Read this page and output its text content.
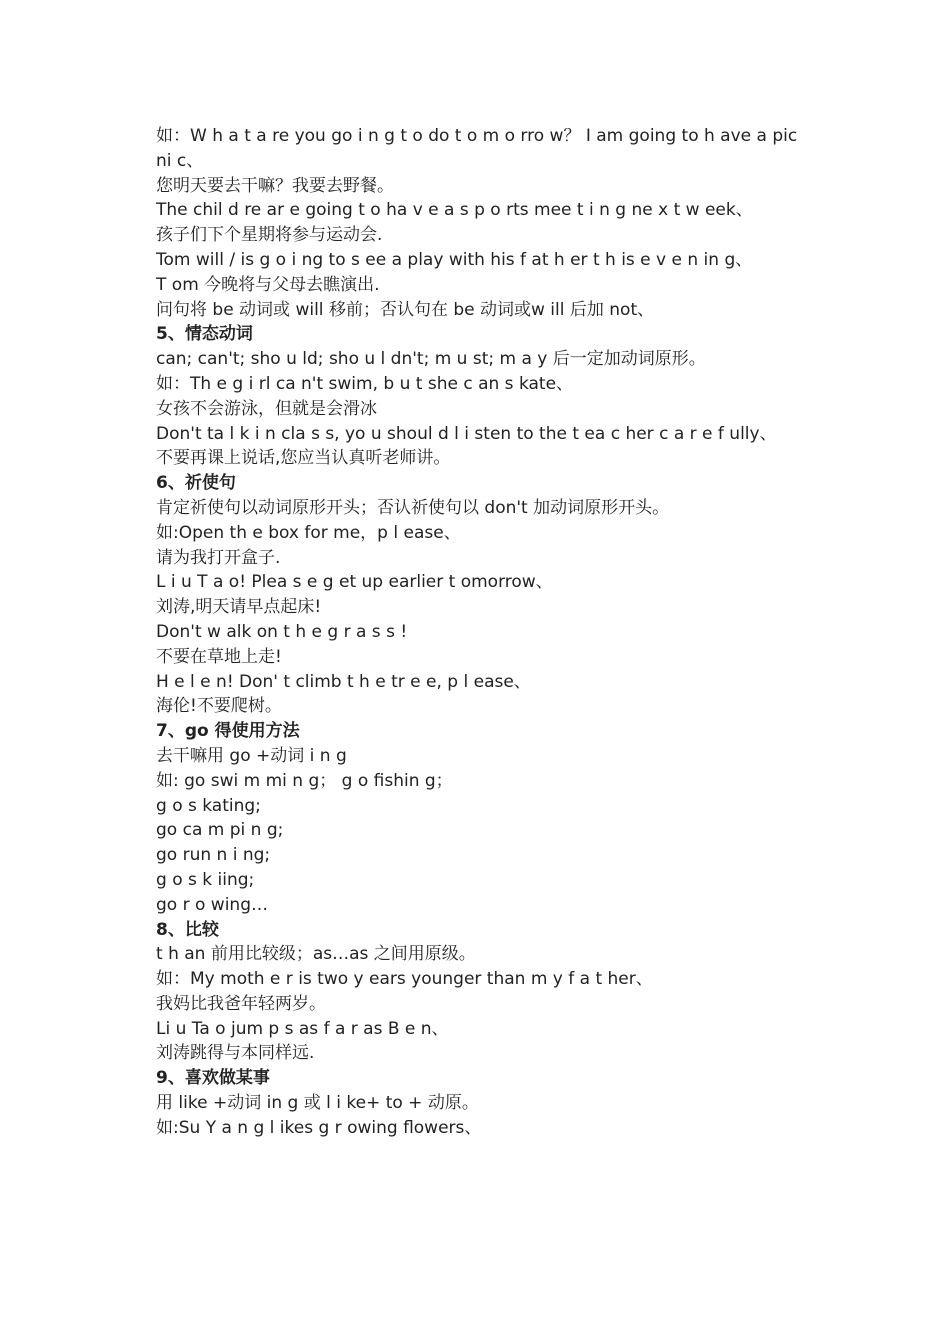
如：W h a t a re you go i n g t o do t o m o rro w？ I am going to h ave a picni c、

您明天要去干嘛？我要去野餐。

The chil d re ar e going t o ha v e a s p o rts mee t i n g ne x t w eek、

孩子们下个星期将参与运动会.

Tom will / is g o i ng to s ee a play with his f at h er t h is e v e n in g、

T om 今晚将与父母去瞧演出.

问句将 be 动词或 will 移前；否认句在 be 动词或w ill 后加 not、

5、情态动词

can; can't; sho u ld; sho u l dn't; m u st; m a y 后一定加动词原形。

如：Th e g i rl ca n't swim, b u t she c an s kate、

女孩不会游泳，但就是会滑冰

Don't ta l k i n cla s s, yo u shoul d l i sten to the t ea c her c a r e f ully、

不要再课上说话,您应当认真听老师讲。

6、祈使句

肯定祈使句以动词原形开头；否认祈使句以 don't 加动词原形开头。

如:Open th e box for me，p l ease、

请为我打开盒子.

L i u T a o! Plea s e g et up earlier t omorrow、

刘涛,明天请早点起床!

Don't w alk on t h e g r a s s !

不要在草地上走!

H e l e n! Don' t climb t h e tr e e, p l ease、

海伦!不要爬树。

7、go 得使用方法

去干嘛用 go +动词 i n g

如: go swi m mi n g； g o fishin g；

g o s kating;

go ca m pi n g;

go run n i ng;

g o s k iing;

go r o wing…

8、比较

t h an 前用比较级；as…as 之间用原级。

如：My moth e r is two y ears younger than m y f a t her、

我妈比我爸年轻两岁。

Li u Ta o jum p s as f a r as B e n、

刘涛跳得与本同样远.

9、喜欢做某事

用 like +动词 in g 或 l i ke+ to + 动原。

如:Su Y a n g l ikes g r owing flowers、
